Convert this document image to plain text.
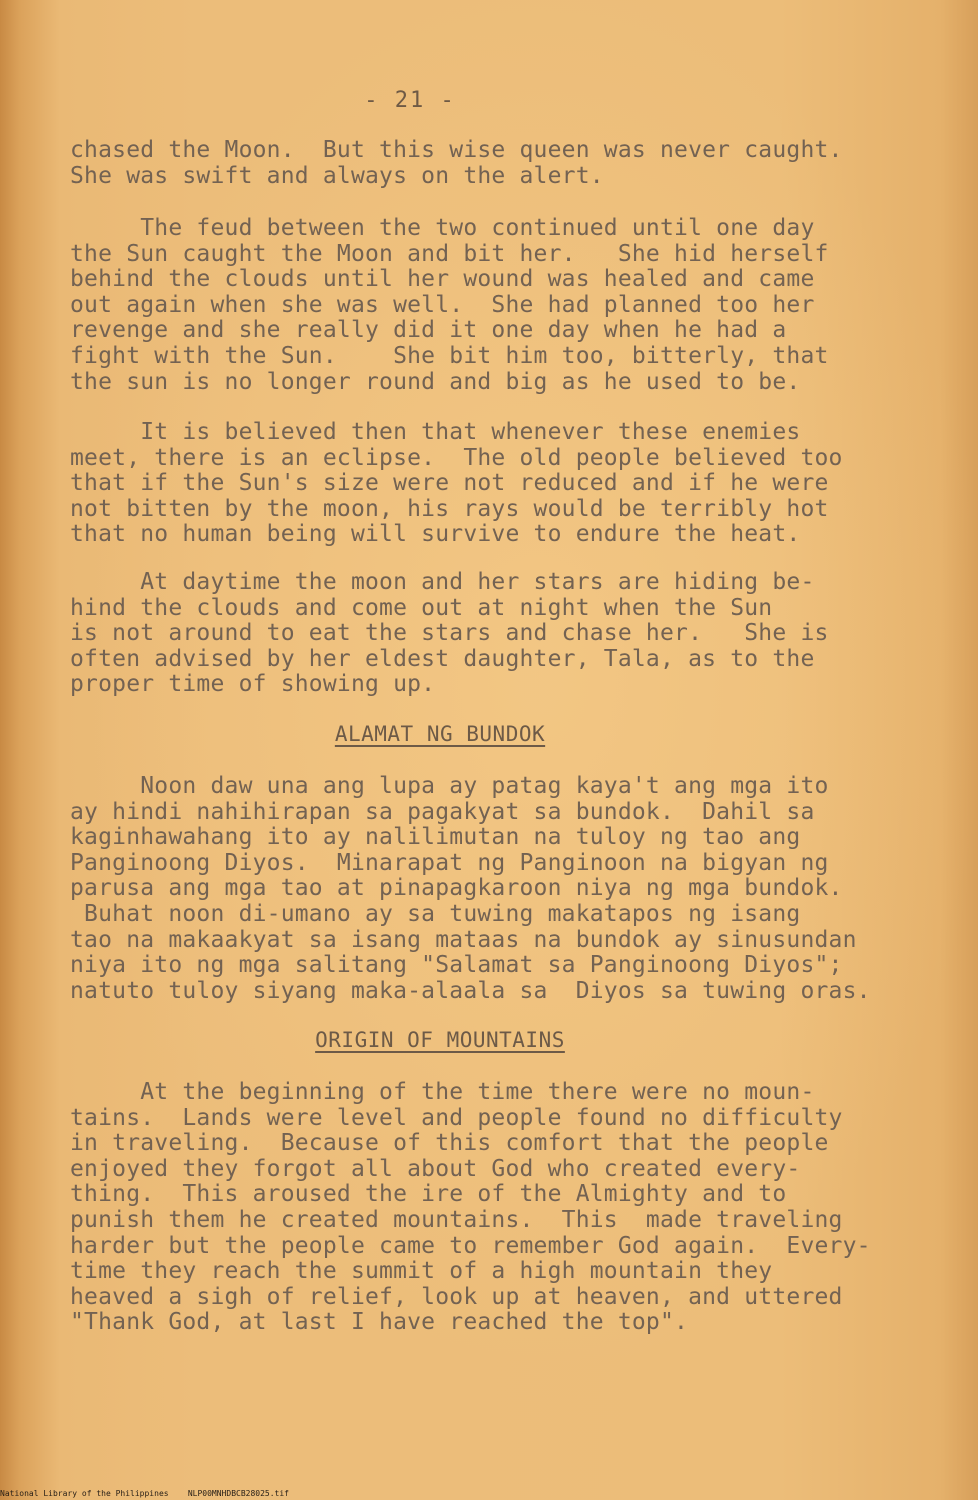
- 21 -
chased the Moon.  But this wise queen was never caught.
She was swift and always on the alert.
The feud between the two continued until one day
the Sun caught the Moon and bit her.   She hid herself
behind the clouds until her wound was healed and came
out again when she was well.  She had planned too her
revenge and she really did it one day when he had a
fight with the Sun.    She bit him too, bitterly, that
the sun is no longer round and big as he used to be.
It is believed then that whenever these enemies
meet, there is an eclipse.  The old people believed too
that if the Sun's size were not reduced and if he were
not bitten by the moon, his rays would be terribly hot
that no human being will survive to endure the heat.
At daytime the moon and her stars are hiding be-
hind the clouds and come out at night when the Sun
is not around to eat the stars and chase her.   She is
often advised by her eldest daughter, Tala, as to the
proper time of showing up.
ALAMAT NG BUNDOK
Noon daw una ang lupa ay patag kaya't ang mga ito
ay hindi nahihirapan sa pagakyat sa bundok.  Dahil sa
kaginhawahang ito ay nalilimutan na tuloy ng tao ang
Panginoong Diyos.  Minarapat ng Panginoon na bigyan ng
parusa ang mga tao at pinapagkaroon niya ng mga bundok.
Buhat noon di-umano ay sa tuwing makatapos ng isang
tao na makaakyat sa isang mataas na bundok ay sinusundan
niya ito ng mga salitang "Salamat sa Panginoong Diyos";
natuto tuloy siyang maka-alaala sa  Diyos sa tuwing oras.
ORIGIN OF MOUNTAINS
At the beginning of the time there were no moun-
tains.  Lands were level and people found no difficulty
in traveling.  Because of this comfort that the people
enjoyed they forgot all about God who created every-
thing.  This aroused the ire of the Almighty and to
punish them he created mountains.  This  made traveling
harder but the people came to remember God again.  Every-
time they reach the summit of a high mountain they
heaved a sigh of relief, look up at heaven, and uttered
"Thank God, at last I have reached the top".
National Library of the Philippines    NLP00MNHDBCB28025.tif
